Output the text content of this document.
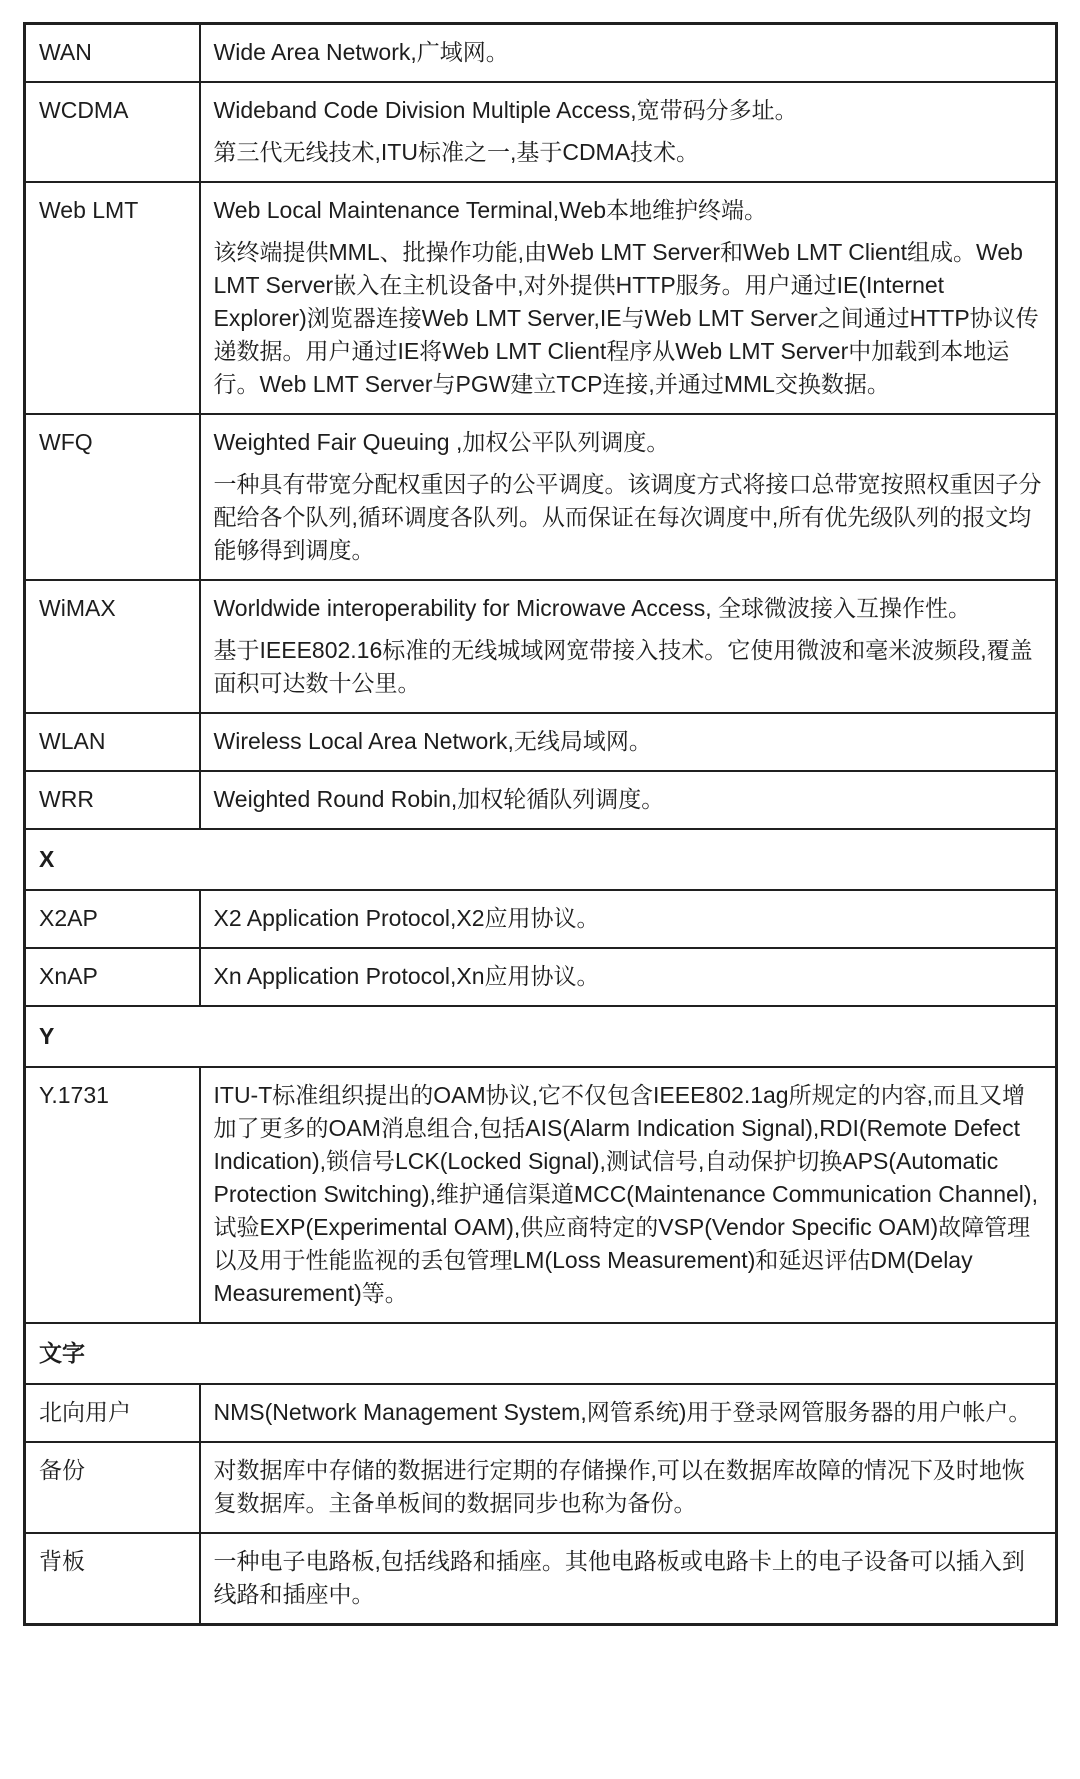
WAN	Wide Area Network,广域网。

WCDMA	Wideband Code Division Multiple Access,宽带码分多址。

第三代无线技术,ITU标准之一,基于CDMA技术。

Web LMT	Web Local Maintenance Terminal,Web本地维护终端。

该终端提供MML、批操作功能,由Web LMT Server和Web LMT Client组成。Web LMT Server嵌入在主机设备中,对外提供HTTP服务。用户通过IE(Internet Explorer)浏览器连接Web LMT Server,IE与Web LMT Server之间通过HTTP协议传递数据。用户通过IE将Web LMT Client程序从Web LMT Server中加载到本地运行。Web LMT Server与PGW建立TCP连接,并通过MML交换数据。

WFQ	Weighted Fair Queuing ,加权公平队列调度。

一种具有带宽分配权重因子的公平调度。该调度方式将接口总带宽按照权重因子分配给各个队列,循环调度各队列。从而保证在每次调度中,所有优先级队列的报文均能够得到调度。

WiMAX	Worldwide interoperability for Microwave Access, 全球微波接入互操作性。

基于IEEE802.16标准的无线城域网宽带接入技术。它使用微波和毫米波频段,覆盖面积可达数十公里。

WLAN	Wireless Local Area Network,无线局域网。

WRR	Weighted Round Robin,加权轮循队列调度。

X	
X2AP	X2 Application Protocol,X2应用协议。

XnAP	Xn Application Protocol,Xn应用协议。

Y	
Y.1731	ITU-T标准组织提出的OAM协议,它不仅包含IEEE802.1ag所规定的内容,而且又增加了更多的OAM消息组合,包括AIS(Alarm Indication Signal),RDI(Remote Defect Indication),锁信号LCK(Locked Signal),测试信号,自动保护切换APS(Automatic Protection Switching),维护通信渠道MCC(Maintenance Communication Channel),试验EXP(Experimental OAM),供应商特定的VSP(Vendor Specific OAM)故障管理以及用于性能监视的丢包管理LM(Loss Measurement)和延迟评估DM(Delay Measurement)等。

文字	
北向用户	NMS(Network Management System,网管系统)用于登录网管服务器的用户帐户。

备份	对数据库中存储的数据进行定期的存储操作,可以在数据库故障的情况下及时地恢复数据库。主备单板间的数据同步也称为备份。

背板	一种电子电路板,包括线路和插座。其他电路板或电路卡上的电子设备可以插入到线路和插座中。
